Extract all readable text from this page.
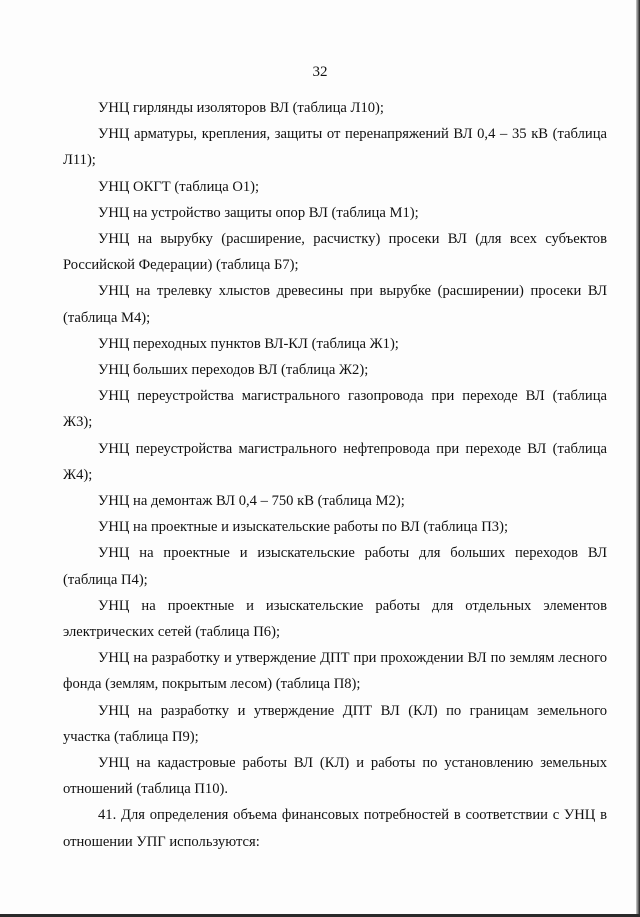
32

УНЦ гирлянды изоляторов ВЛ (таблица Л10);

УНЦ арматуры, крепления, защиты от перенапряжений ВЛ 0,4 – 35 кВ (таблица Л11);

УНЦ ОКГТ (таблица О1);

УНЦ на устройство защиты опор ВЛ (таблица М1);

УНЦ на вырубку (расширение, расчистку) просеки ВЛ (для всех субъектов Российской Федерации) (таблица Б7);

УНЦ на трелевку хлыстов древесины при вырубке (расширении) просеки ВЛ (таблица М4);

УНЦ переходных пунктов ВЛ-КЛ (таблица Ж1);

УНЦ больших переходов ВЛ (таблица Ж2);

УНЦ переустройства магистрального газопровода при переходе ВЛ (таблица Ж3);

УНЦ переустройства магистрального нефтепровода при переходе ВЛ (таблица Ж4);

УНЦ на демонтаж ВЛ 0,4 – 750 кВ (таблица М2);

УНЦ на проектные и изыскательские работы по ВЛ (таблица П3);

УНЦ на проектные и изыскательские работы для больших переходов ВЛ (таблица П4);

УНЦ на проектные и изыскательские работы для отдельных элементов электрических сетей (таблица П6);

УНЦ на разработку и утверждение ДПТ при прохождении ВЛ по землям лесного фонда (землям, покрытым лесом) (таблица П8);

УНЦ на разработку и утверждение ДПТ ВЛ (КЛ) по границам земельного участка (таблица П9);

УНЦ на кадастровые работы ВЛ (КЛ) и работы по установлению земельных отношений (таблица П10).

41. Для определения объема финансовых потребностей в соответствии с УНЦ в отношении УПГ используются:
